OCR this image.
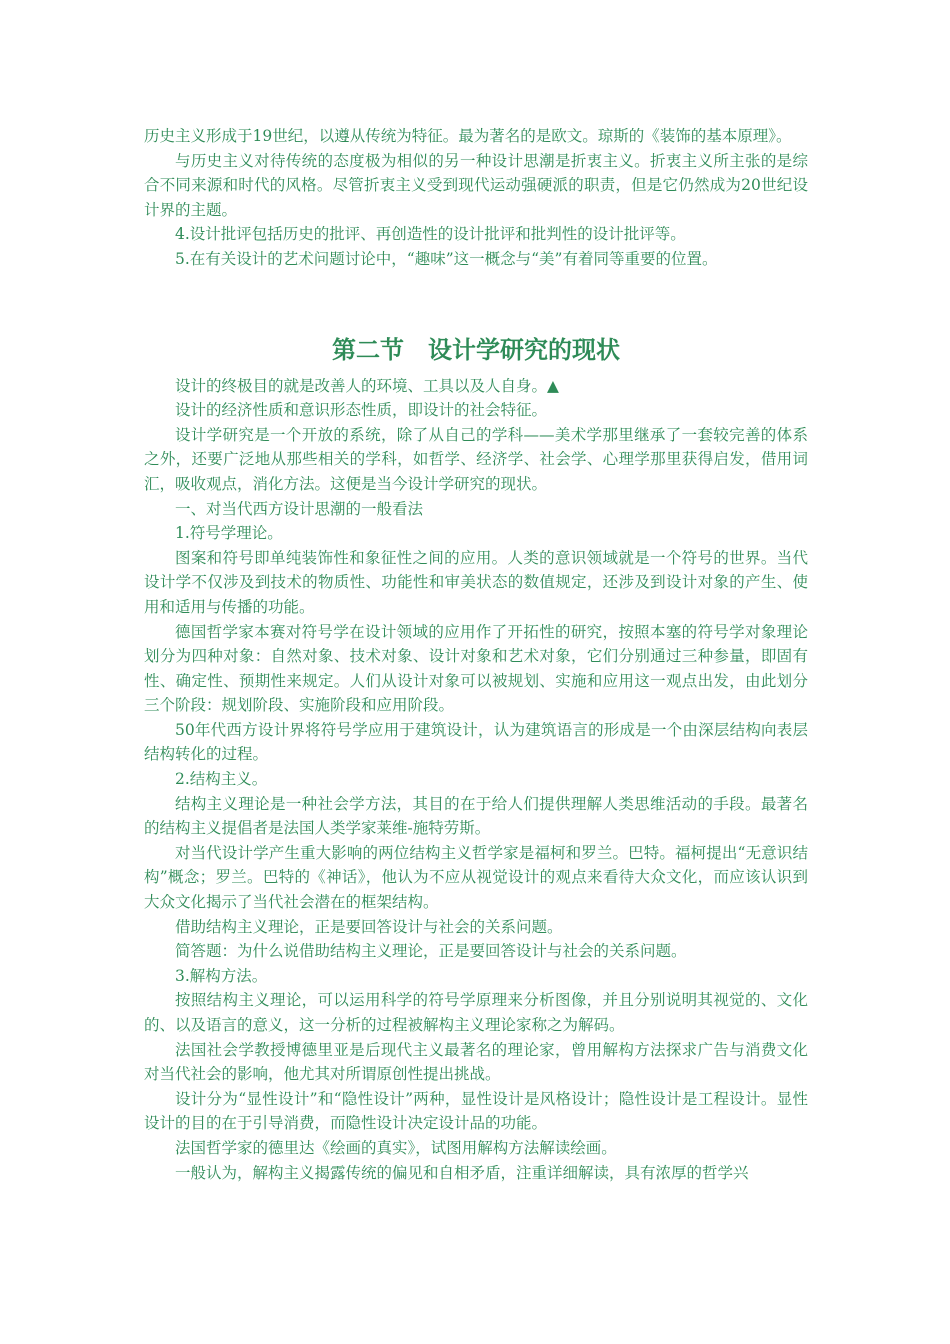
历史主义形成于19世纪，以遵从传统为特征。最为著名的是欧文。琼斯的《装饰的基本原理》。

与历史主义对待传统的态度极为相似的另一种设计思潮是折衷主义。折衷主义所主张的是综合不同来源和时代的风格。尽管折衷主义受到现代运动强硬派的职责，但是它仍然成为20世纪设计界的主题。

4.设计批评包括历史的批评、再创造性的设计批评和批判性的设计批评等。

5.在有关设计的艺术问题讨论中，“趣味”这一概念与“美”有着同等重要的位置。

第二节　设计学研究的现状

设计的终极目的就是改善人的环境、工具以及人自身。▲

设计的经济性质和意识形态性质，即设计的社会特征。

设计学研究是一个开放的系统，除了从自己的学科——美术学那里继承了一套较完善的体系之外，还要广泛地从那些相关的学科，如哲学、经济学、社会学、心理学那里获得启发，借用词汇，吸收观点，消化方法。这便是当今设计学研究的现状。

一、对当代西方设计思潮的一般看法

1.符号学理论。

图案和符号即单纯装饰性和象征性之间的应用。人类的意识领域就是一个符号的世界。当代设计学不仅涉及到技术的物质性、功能性和审美状态的数值规定，还涉及到设计对象的产生、使用和适用与传播的功能。

德国哲学家本赛对符号学在设计领域的应用作了开拓性的研究，按照本塞的符号学对象理论划分为四种对象：自然对象、技术对象、设计对象和艺术对象，它们分别通过三种参量，即固有性、确定性、预期性来规定。人们从设计对象可以被规划、实施和应用这一观点出发，由此划分三个阶段：规划阶段、实施阶段和应用阶段。

50年代西方设计界将符号学应用于建筑设计，认为建筑语言的形成是一个由深层结构向表层结构转化的过程。

2.结构主义。

结构主义理论是一种社会学方法，其目的在于给人们提供理解人类思维活动的手段。最著名的结构主义提倡者是法国人类学家莱维-施特劳斯。

对当代设计学产生重大影响的两位结构主义哲学家是福柯和罗兰。巴特。福柯提出“无意识结构”概念；罗兰。巴特的《神话》，他认为不应从视觉设计的观点来看待大众文化，而应该认识到大众文化揭示了当代社会潜在的框架结构。

借助结构主义理论，正是要回答设计与社会的关系问题。

简答题：为什么说借助结构主义理论，正是要回答设计与社会的关系问题。

3.解构方法。

按照结构主义理论，可以运用科学的符号学原理来分析图像，并且分别说明其视觉的、文化的、以及语言的意义，这一分析的过程被解构主义理论家称之为解码。

法国社会学教授博德里亚是后现代主义最著名的理论家，曾用解构方法探求广告与消费文化对当代社会的影响，他尤其对所谓原创性提出挑战。

设计分为“显性设计”和“隐性设计”两种，显性设计是风格设计；隐性设计是工程设计。显性设计的目的在于引导消费，而隐性设计决定设计品的功能。

法国哲学家的德里达《绘画的真实》，试图用解构方法解读绘画。

一般认为，解构主义揭露传统的偏见和自相矛盾，注重详细解读，具有浓厚的哲学兴
